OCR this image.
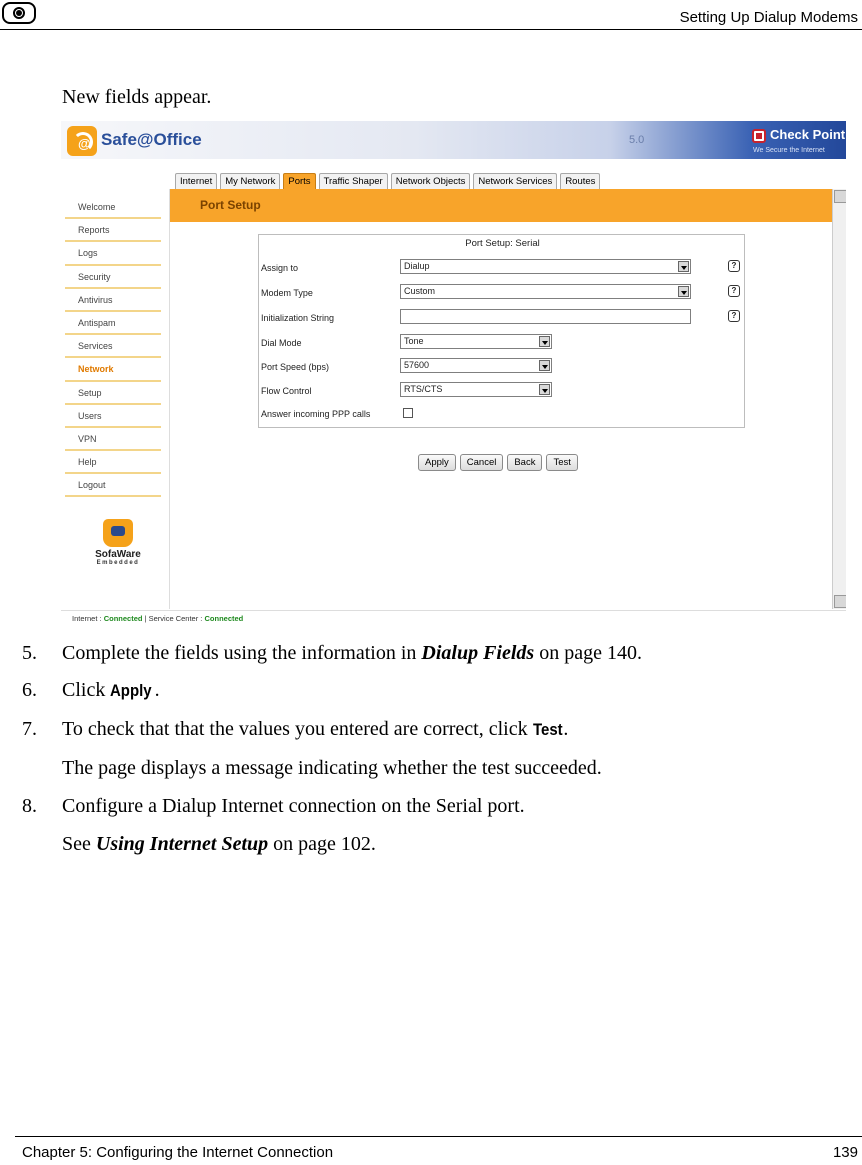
Setting Up Dialup Modems
New fields appear.
@
Safe@Office	5.0	Check Point
We Secure the Internet
Internet	My Network	Ports	Traffic Shaper	Network Objects	Network Services	Routes
Welcome
Reports
Logs
Security
Antivirus
Antispam
Services
Network
Setup
Users
VPN
Help
Logout
SofaWare
Embedded
Port Setup
Port Setup: Serial
Assign to	Dialup	?
Modem Type	Custom	?
Initialization String	?
Dial Mode	Tone
Port Speed (bps)	57600
Flow Control	RTS/CTS
Answer incoming PPP calls
Apply	Cancel	Back	Test
Internet : Connected | Service Center : Connected
5. Complete the fields using the information in Dialup Fields on page 140.
6. Click Apply .
7. To check that that the values you entered are correct, click Test.
The page displays a message indicating whether the test succeeded.
8. Configure a Dialup Internet connection on the Serial port.
See Using Internet Setup on page 102.
Chapter 5: Configuring the Internet Connection	139
